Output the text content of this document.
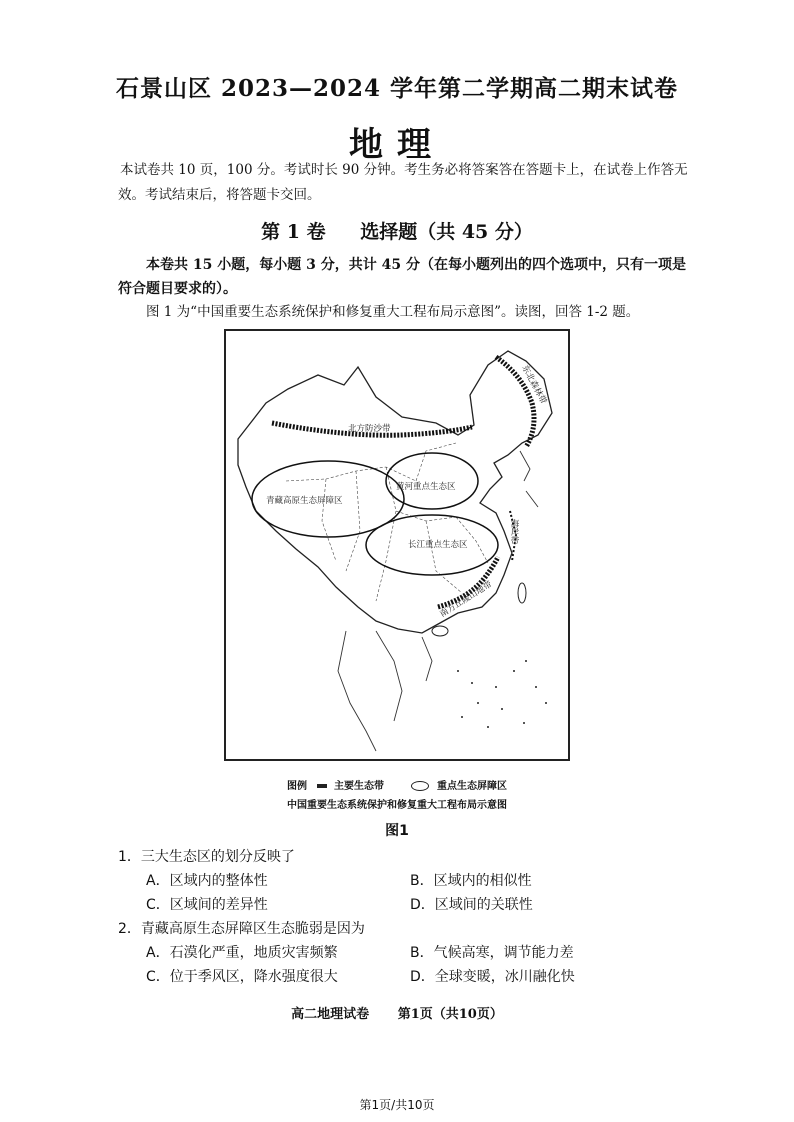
石景山区 2023—2024 学年第二学期高二期末试卷
地理
本试卷共 10 页，100 分。考试时长 90 分钟。考生务必将答案答在答题卡上，在试卷上作答无效。考试结束后，将答题卡交回。
第 1 卷 选择题（共 45 分）
本卷共 15 小题，每小题 3 分，共计 45 分（在每小题列出的四个选项中，只有一项是符合题目要求的）。
图 1 为“中国重要生态系统保护和修复重大工程布局示意图”。读图，回答 1-2 题。
北方防沙带
东北森林带
青藏高原生态屏障区
黄河重点生态区
长江重点生态区
海岸带
南方丘陵山地带
图例	主要生态带	重点生态屏障区
中国重要生态系统保护和修复重大工程布局示意图
图1
1．三大生态区的划分反映了
A．区域内的整体性	B．区域内的相似性
C．区域间的差异性	D．区域间的关联性
2．青藏高原生态屏障区生态脆弱是因为
A．石漠化严重，地质灾害频繁	B．气候高寒，调节能力差
C．位于季风区，降水强度很大	D．全球变暖，冰川融化快
高二地理试卷 第1页（共10页）
第1页/共10页
